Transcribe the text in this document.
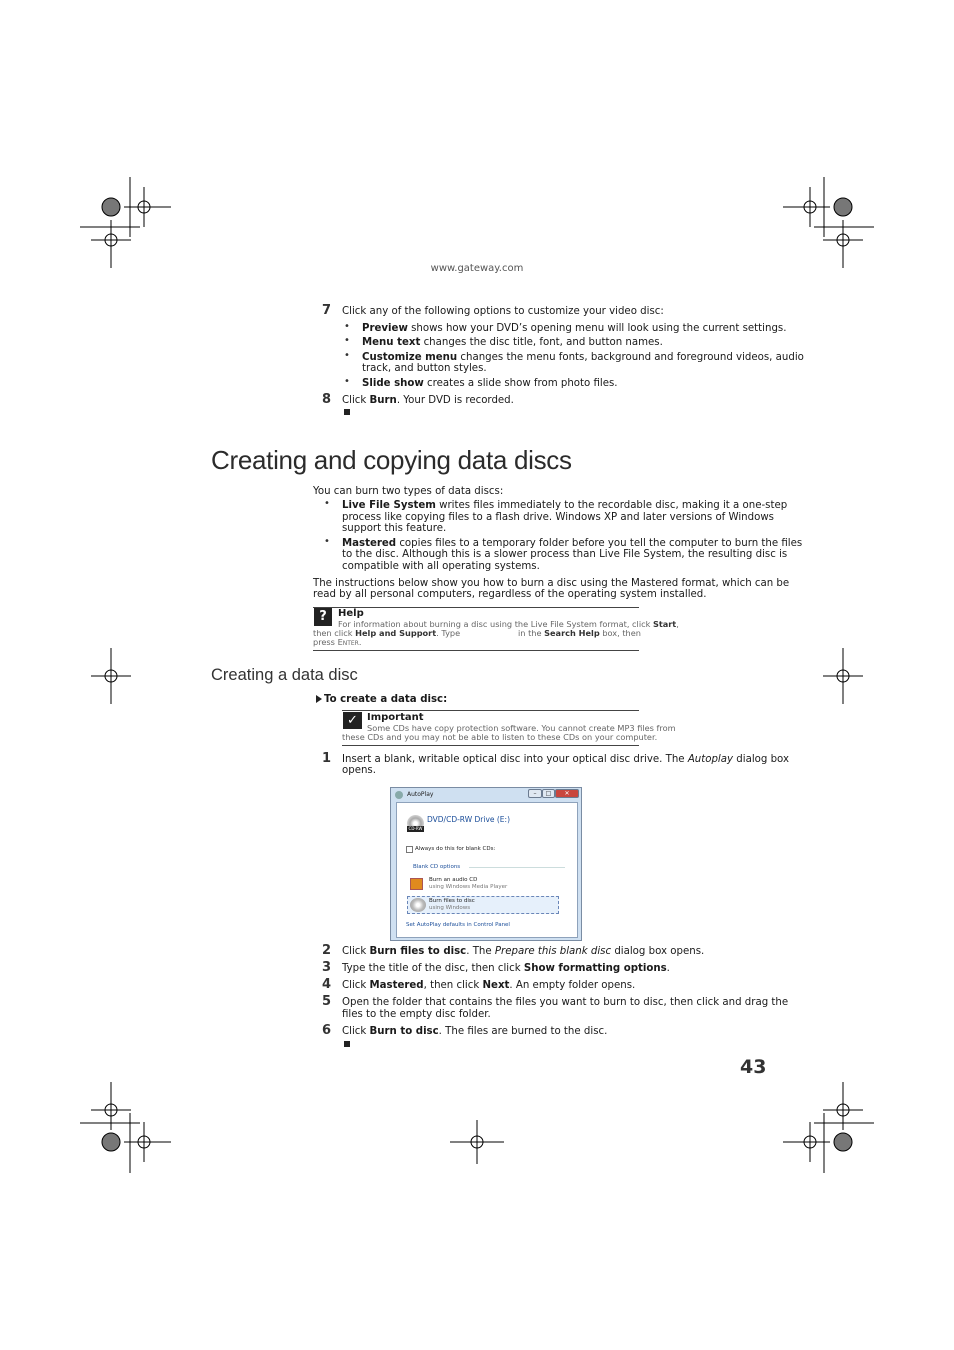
www.gateway.com
7 Click any of the following options to customize your video disc:
• Preview shows how your DVD’s opening menu will look using the current settings.
• Menu text changes the disc title, font, and button names.
• Customize menu changes the menu fonts, background and foreground videos, audio
track, and button styles.
• Slide show creates a slide show from photo files.
8 Click Burn. Your DVD is recorded.
Creating and copying data discs
You can burn two types of data discs:
• Live File System writes files immediately to the recordable disc, making it a one-step
process like copying files to a flash drive. Windows XP and later versions of Windows
support this feature.
• Mastered copies files to a temporary folder before you tell the computer to burn the files
to the disc. Although this is a slower process than Live File System, the resulting disc is
compatible with all operating systems.
The instructions below show you how to burn a disc using the Mastered format, which can be
read by all personal computers, regardless of the operating system installed.
?	Help
For information about burning a disc using the Live File System format, click Start,
then click Help and Support. Type	in the Search Help box, then
press Enter.
Creating a data disc
To create a data disc:
✓ Important
Some CDs have copy protection software. You cannot create MP3 files from
these CDs and you may not be able to listen to these CDs on your computer.
1 Insert a blank, writable optical disc into your optical disc drive. The Autoplay dialog box
opens.
AutoPlay	–	□	✕
CD-RW
DVD/CD-RW Drive (E:)
Always do this for blank CDs:
Blank CD options
Burn an audio CD
using Windows Media Player
Burn files to disc
using Windows
Set AutoPlay defaults in Control Panel
2 Click Burn files to disc. The Prepare this blank disc dialog box opens.
3 Type the title of the disc, then click Show formatting options.
4 Click Mastered, then click Next. An empty folder opens.
5 Open the folder that contains the files you want to burn to disc, then click and drag the
files to the empty disc folder.
6 Click Burn to disc. The files are burned to the disc.
43
